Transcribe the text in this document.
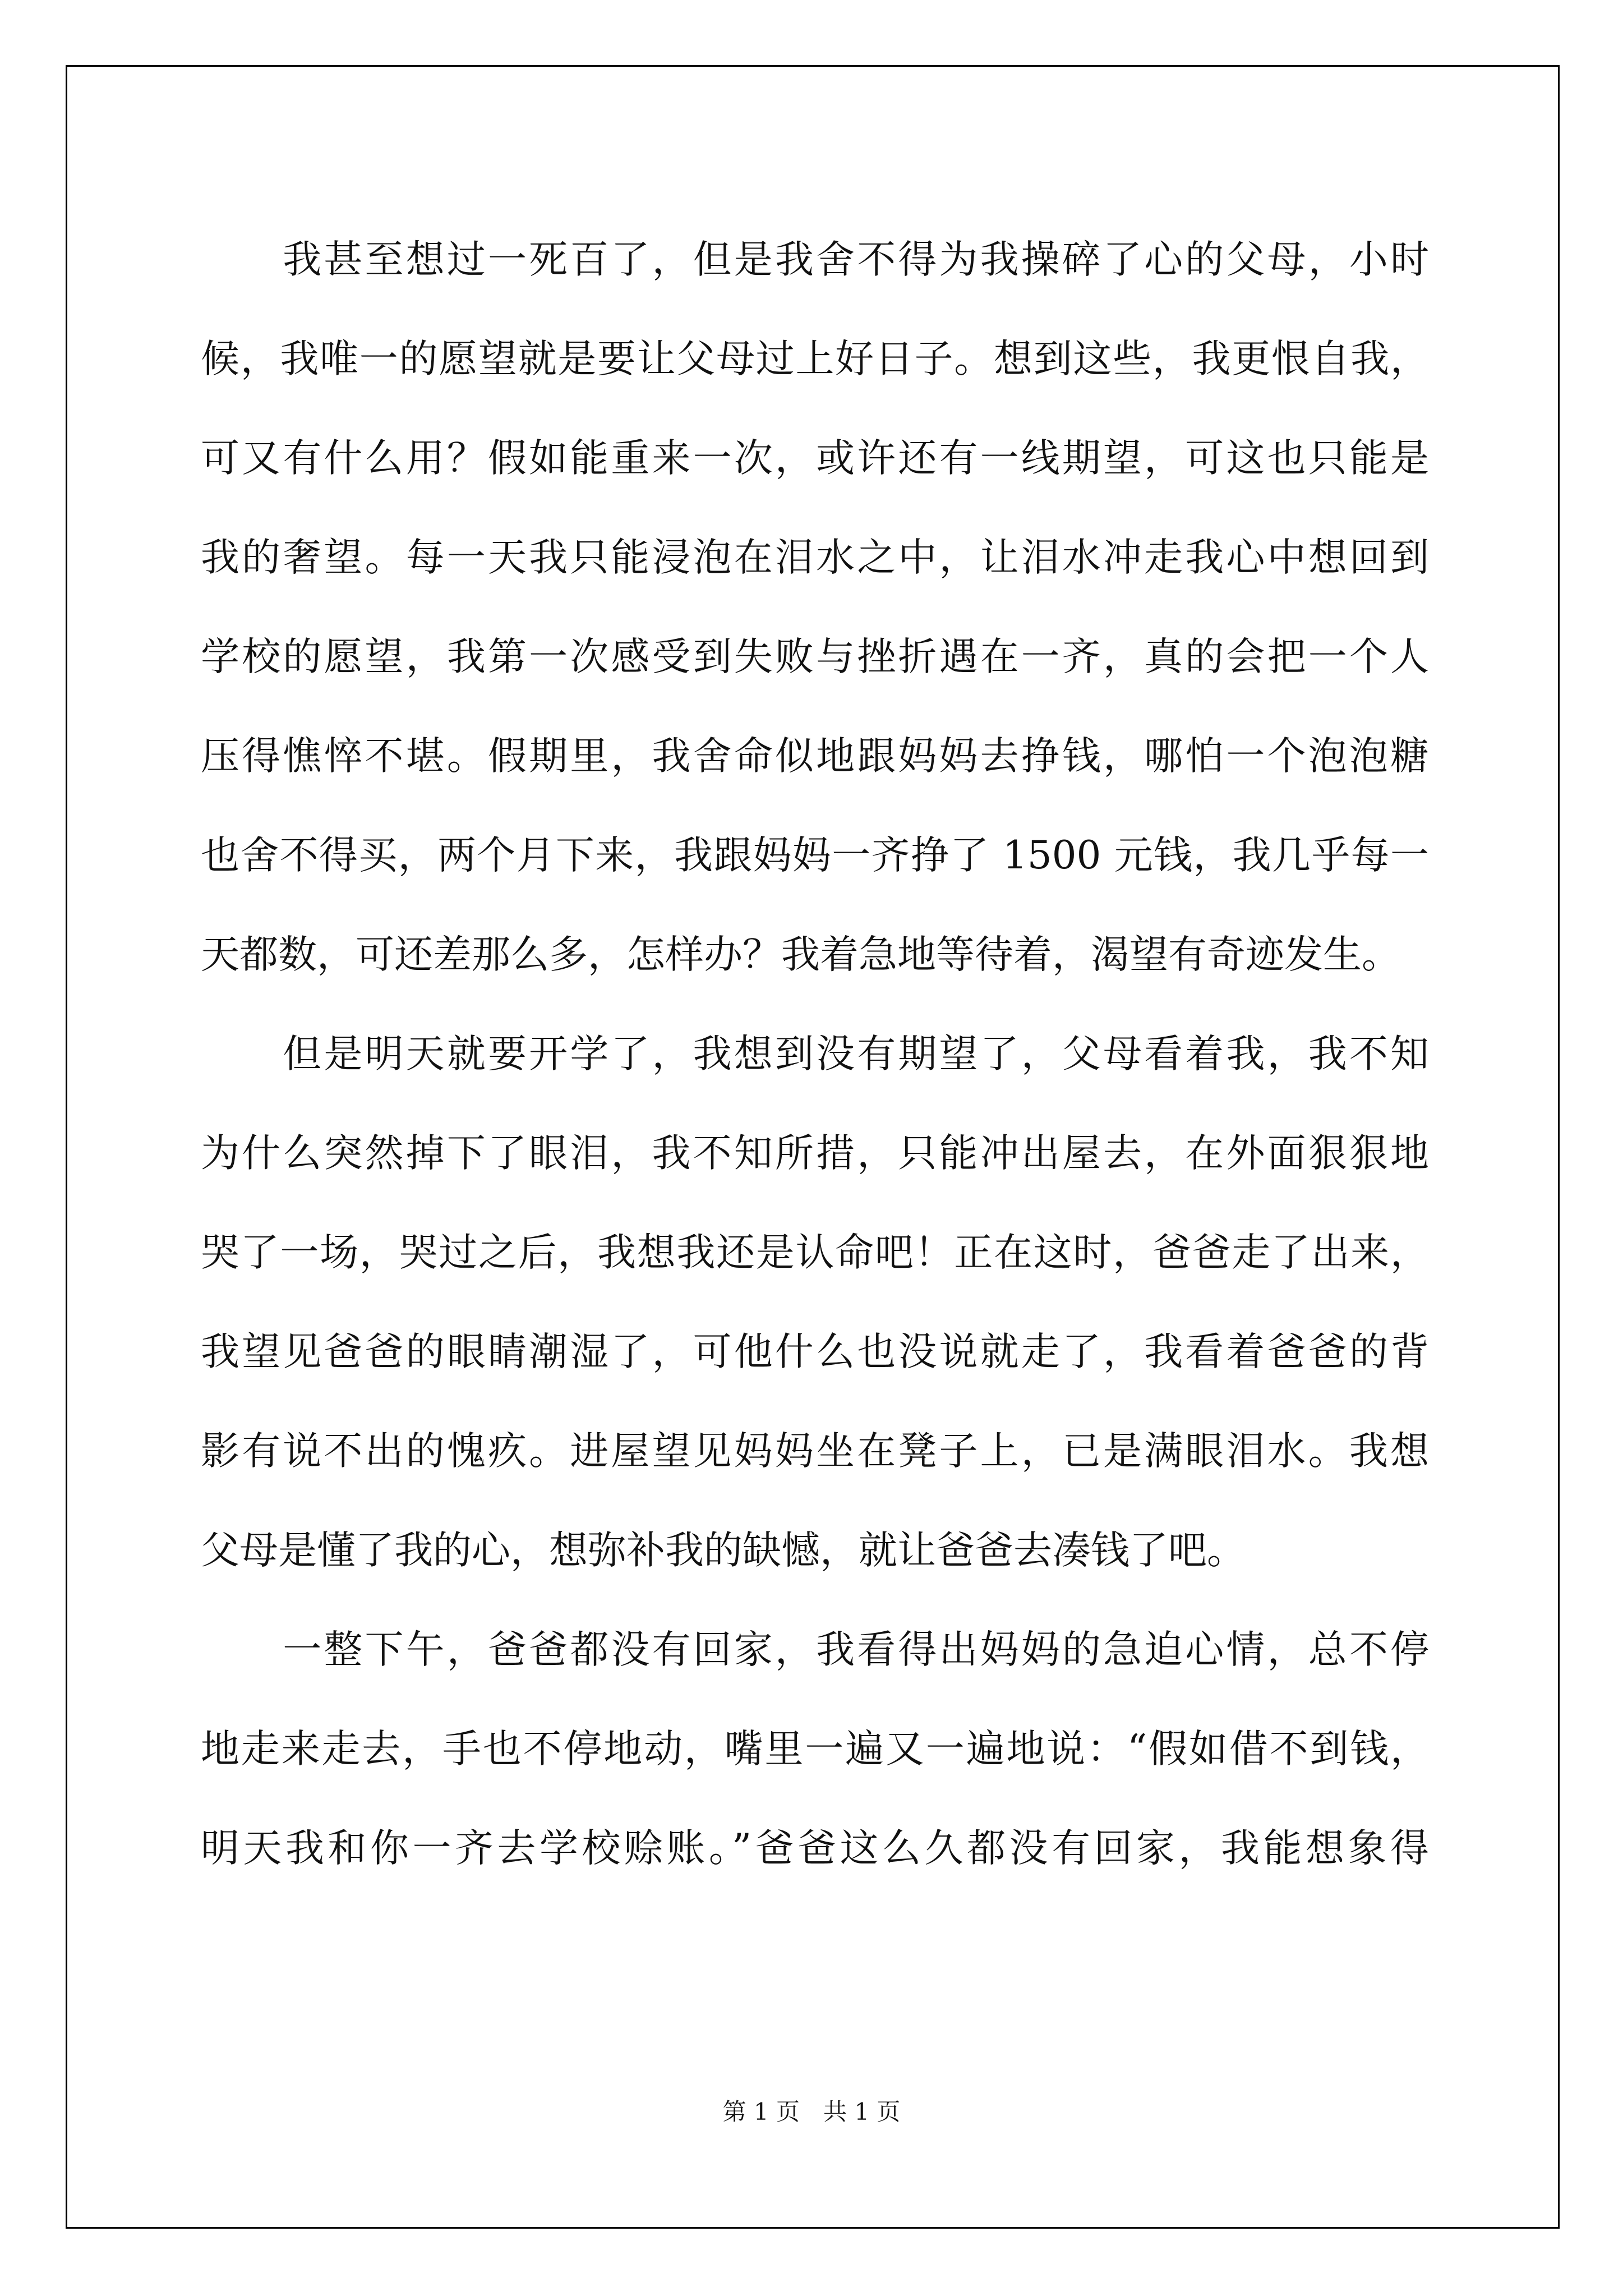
　　我甚至想过一死百了，但是我舍不得为我操碎了心的父母，小时
候，我唯一的愿望就是要让父母过上好日子。想到这些，我更恨自我，
可又有什么用？假如能重来一次，或许还有一线期望，可这也只能是
我的奢望。每一天我只能浸泡在泪水之中，让泪水冲走我心中想回到
学校的愿望，我第一次感受到失败与挫折遇在一齐，真的会把一个人
压得憔悴不堪。假期里，我舍命似地跟妈妈去挣钱，哪怕一个泡泡糖
也舍不得买，两个月下来，我跟妈妈一齐挣了 1500 元钱，我几乎每一
天都数，可还差那么多，怎样办？我着急地等待着，渴望有奇迹发生。
　　但是明天就要开学了，我想到没有期望了，父母看着我，我不知
为什么突然掉下了眼泪，我不知所措，只能冲出屋去，在外面狠狠地
哭了一场，哭过之后，我想我还是认命吧！正在这时，爸爸走了出来，
我望见爸爸的眼睛潮湿了，可他什么也没说就走了，我看着爸爸的背
影有说不出的愧疚。进屋望见妈妈坐在凳子上，已是满眼泪水。我想
父母是懂了我的心，想弥补我的缺憾，就让爸爸去凑钱了吧。
　　一整下午，爸爸都没有回家，我看得出妈妈的急迫心情，总不停
地走来走去，手也不停地动，嘴里一遍又一遍地说：“假如借不到钱，
明天我和你一齐去学校赊账。”爸爸这么久都没有回家，我能想象得
第 1 页　共 1 页
